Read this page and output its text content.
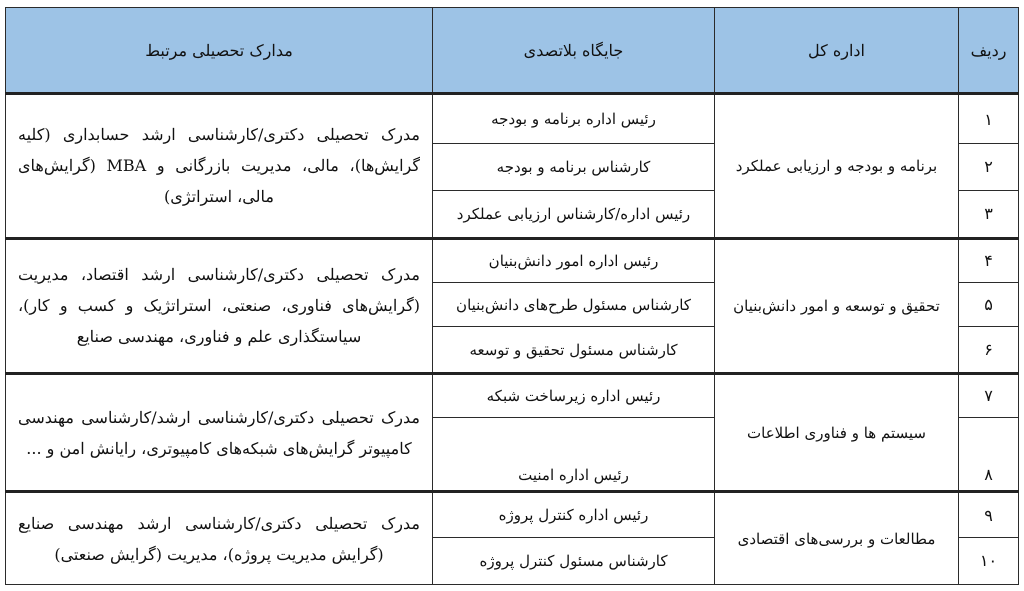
ردیف	اداره کل	جایگاه بلاتصدی	مدارک تحصیلی مرتبط
۱	برنامه و بودجه و ارزیابی عملکرد	رئیس اداره برنامه و بودجه	مدرک تحصیلی دکتری/کارشناسی ارشد حسابداری (کلیه گرایش‌ها)، مالی، مدیریت بازرگانی و MBA (گرایش‌های مالی، استراتژی)
۲		کارشناس برنامه و بودجه	
۳		رئیس اداره/کارشناس ارزیابی عملکرد	
۴	تحقیق و توسعه و امور دانش‌بنیان	رئیس اداره امور دانش‌بنیان	مدرک تحصیلی دکتری/کارشناسی ارشد اقتصاد، مدیریت (گرایش‌های فناوری، صنعتی، استراتژیک و کسب و کار)، سیاستگذاری علم و فناوری، مهندسی صنایع
۵		کارشناس مسئول طرح‌های دانش‌بنیان	
۶		کارشناس مسئول تحقیق و توسعه	
۷	سیستم ها و فناوری اطلاعات	رئیس اداره زیرساخت شبکه	مدرک تحصیلی دکتری/کارشناسی ارشد/کارشناسی مهندسی کامپیوتر گرایش‌های شبکه‌های کامپیوتری، رایانش امن و ...
۸		رئیس اداره امنیت	
۹	مطالعات و بررسی‌های اقتصادی	رئیس اداره کنترل پروژه	مدرک تحصیلی دکتری/کارشناسی ارشد مهندسی صنایع (گرایش مدیریت پروژه)، مدیریت (گرایش صنعتی)
۱۰		کارشناس مسئول کنترل پروژه	
